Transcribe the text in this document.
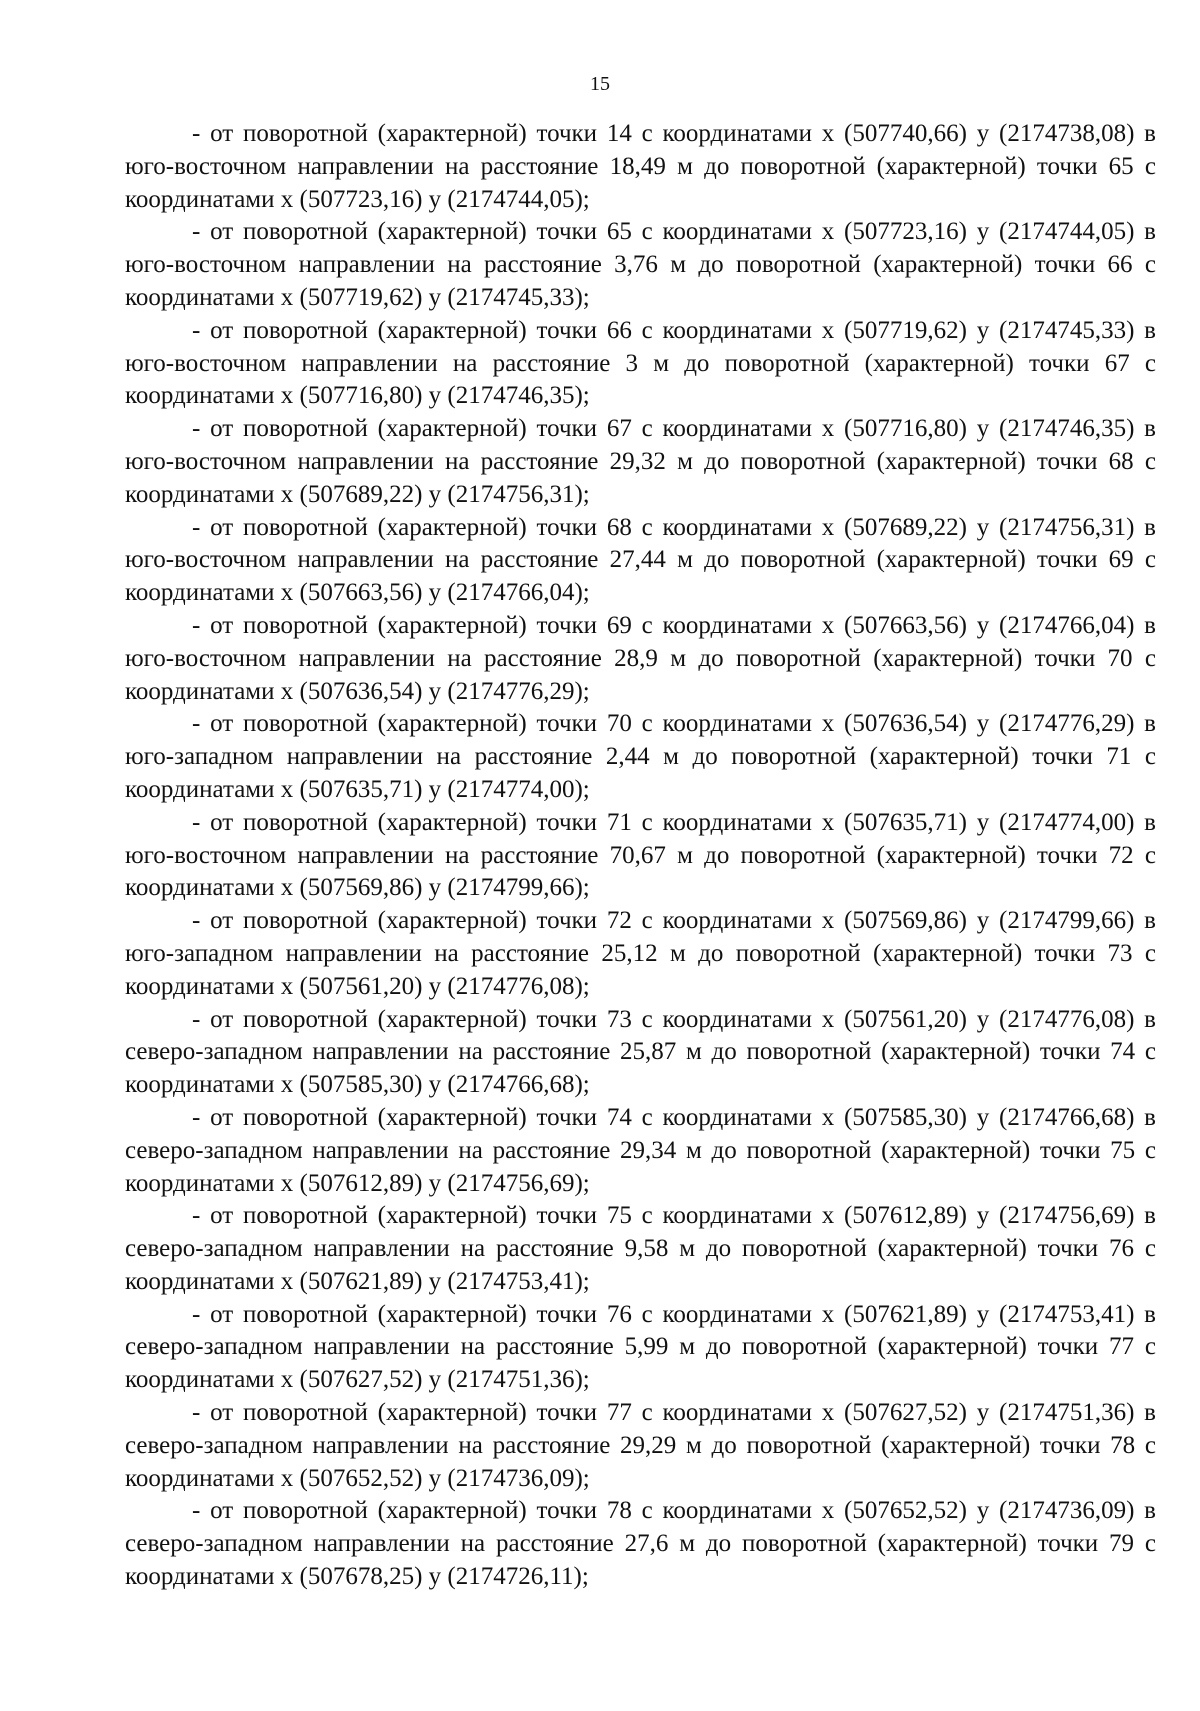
15

- от поворотной (характерной) точки 14 с координатами х (507740,66) у (2174738,08) в юго-восточном направлении на расстояние 18,49 м до поворотной (характерной) точки 65 с координатами х (507723,16) у (2174744,05);

- от поворотной (характерной) точки 65 с координатами х (507723,16) у (2174744,05) в юго-восточном направлении на расстояние 3,76 м до поворотной (характерной) точки 66 с координатами х (507719,62) у (2174745,33);

- от поворотной (характерной) точки 66 с координатами х (507719,62) у (2174745,33) в юго-восточном направлении на расстояние 3 м до поворотной (характерной) точки 67 с координатами х (507716,80) у (2174746,35);

- от поворотной (характерной) точки 67 с координатами х (507716,80) у (2174746,35) в юго-восточном направлении на расстояние 29,32 м до поворотной (характерной) точки 68 с координатами х (507689,22) у (2174756,31);

- от поворотной (характерной) точки 68 с координатами х (507689,22) у (2174756,31) в юго-восточном направлении на расстояние 27,44 м до поворотной (характерной) точки 69 с координатами х (507663,56) у (2174766,04);

- от поворотной (характерной) точки 69 с координатами х (507663,56) у (2174766,04) в юго-восточном направлении на расстояние 28,9 м до поворотной (характерной) точки 70 с координатами х (507636,54) у (2174776,29);

- от поворотной (характерной) точки 70 с координатами х (507636,54) у (2174776,29) в юго-западном направлении на расстояние 2,44 м до поворотной (характерной) точки 71 с координатами х (507635,71) у (2174774,00);

- от поворотной (характерной) точки 71 с координатами х (507635,71) у (2174774,00) в юго-восточном направлении на расстояние 70,67 м до поворотной (характерной) точки 72 с координатами х (507569,86) у (2174799,66);

- от поворотной (характерной) точки 72 с координатами х (507569,86) у (2174799,66) в юго-западном направлении на расстояние 25,12 м до поворотной (характерной) точки 73 с координатами х (507561,20) у (2174776,08);

- от поворотной (характерной) точки 73 с координатами х (507561,20) у (2174776,08) в северо-западном направлении на расстояние 25,87 м до поворотной (характерной) точки 74 с координатами х (507585,30) у (2174766,68);

- от поворотной (характерной) точки 74 с координатами х (507585,30) у (2174766,68) в северо-западном направлении на расстояние 29,34 м до поворотной (характерной) точки 75 с координатами х (507612,89) у (2174756,69);

- от поворотной (характерной) точки 75 с координатами х (507612,89) у (2174756,69) в северо-западном направлении на расстояние 9,58 м до поворотной (характерной) точки 76 с координатами х (507621,89) у (2174753,41);

- от поворотной (характерной) точки 76 с координатами х (507621,89) у (2174753,41) в северо-западном направлении на расстояние 5,99 м до поворотной (характерной) точки 77 с координатами х (507627,52) у (2174751,36);

- от поворотной (характерной) точки 77 с координатами х (507627,52) у (2174751,36) в северо-западном направлении на расстояние 29,29 м до поворотной (характерной) точки 78 с координатами х (507652,52) у (2174736,09);

- от поворотной (характерной) точки 78 с координатами х (507652,52) у (2174736,09) в северо-западном направлении на расстояние 27,6 м до поворотной (характерной) точки 79 с координатами х (507678,25) у (2174726,11);
